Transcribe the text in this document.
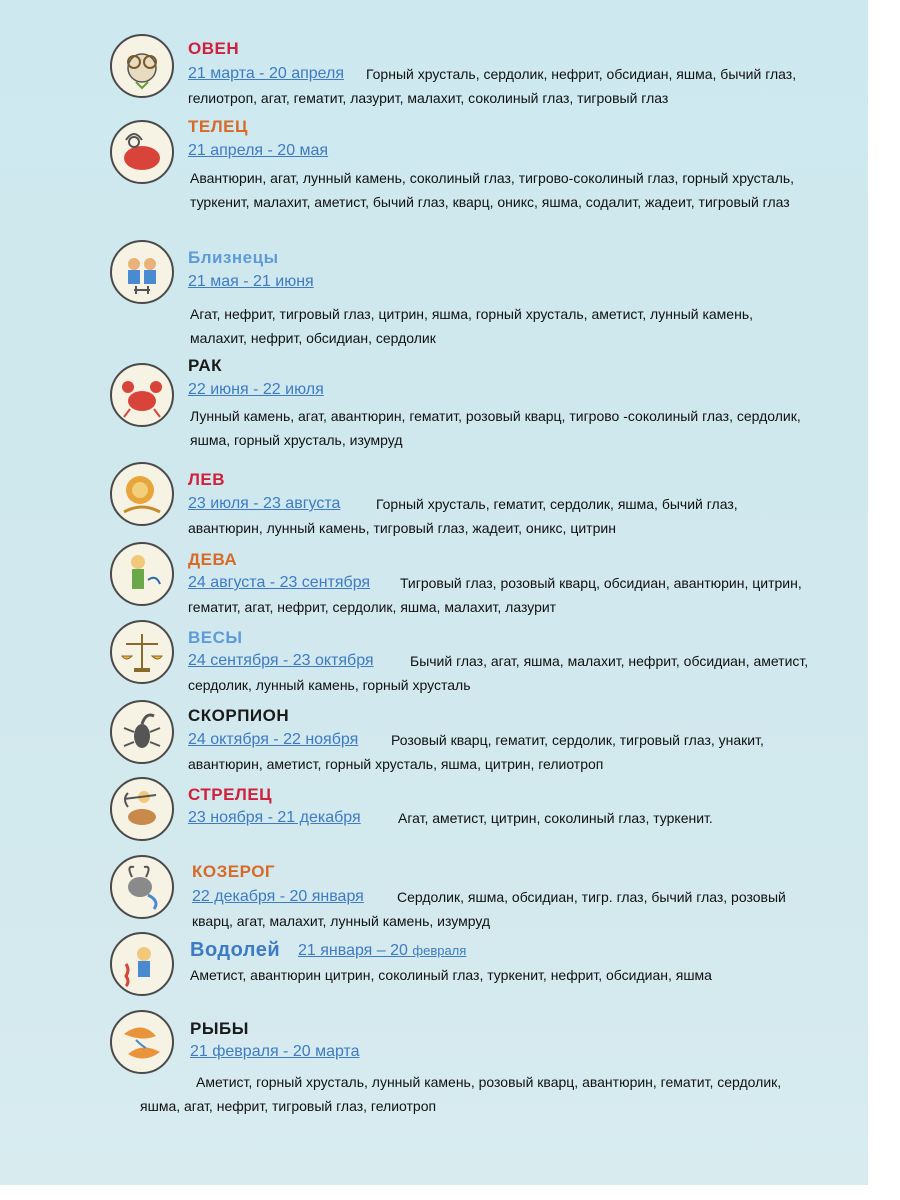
ОВЕН
21 марта - 20 апреля	Горный хрусталь, сердолик, нефрит, обсидиан, яшма, бычий глаз, гелиотроп, агат, гематит, лазурит, малахит, соколиный глаз, тигровый глаз
ТЕЛЕЦ
21 апреля - 20 мая
Авантюрин, агат, лунный камень, соколиный глаз, тигрово-соколиный глаз, горный хрусталь, туркенит, малахит, аметист, бычий глаз, кварц, оникс, яшма, содалит, жадеит, тигровый глаз
Близнецы
21 мая - 21 июня
Агат, нефрит, тигровый глаз, цитрин, яшма, горный хрусталь, аметист, лунный камень, малахит, нефрит, обсидиан, сердолик
РАК
22 июня - 22 июля
Лунный камень, агат, авантюрин, гематит, розовый кварц, тигрово -соколиный глаз, сердолик, яшма, горный хрусталь, изумруд
ЛЕВ
23 июля - 23 августа	Горный хрусталь, гематит, сердолик, яшма, бычий глаз, авантюрин, лунный камень, тигровый глаз, жадеит, оникс, цитрин
ДЕВА
24 августа - 23 сентября	Тигровый глаз, розовый кварц, обсидиан, авантюрин, цитрин, гематит, агат, нефрит, сердолик, яшма, малахит, лазурит
ВЕСЫ
24 сентября - 23 октября	Бычий глаз, агат, яшма, малахит, нефрит, обсидиан, аметист, сердолик, лунный камень, горный хрусталь
СКОРПИОН
24 октября - 22 ноября	Розовый кварц, гематит, сердолик, тигровый глаз, унакит, авантюрин, аметист, горный хрусталь, яшма, цитрин, гелиотроп
СТРЕЛЕЦ
23 ноября - 21 декабря	Агат, аметист, цитрин, соколиный глаз, туркенит.
КОЗЕРОГ
22 декабря - 20 января	Сердолик, яшма, обсидиан, тигр. глаз, бычий глаз, розовый кварц, агат, малахит, лунный камень, изумруд
Водолей 21 января – 20 февраля
Аметист, авантюрин цитрин, соколиный глаз, туркенит, нефрит, обсидиан, яшма
РЫБЫ
21 февраля - 20 марта
Аметист, горный хрусталь, лунный камень, розовый кварц, авантюрин, гематит, сердолик, яшма, агат, нефрит, тигровый глаз, гелиотроп
